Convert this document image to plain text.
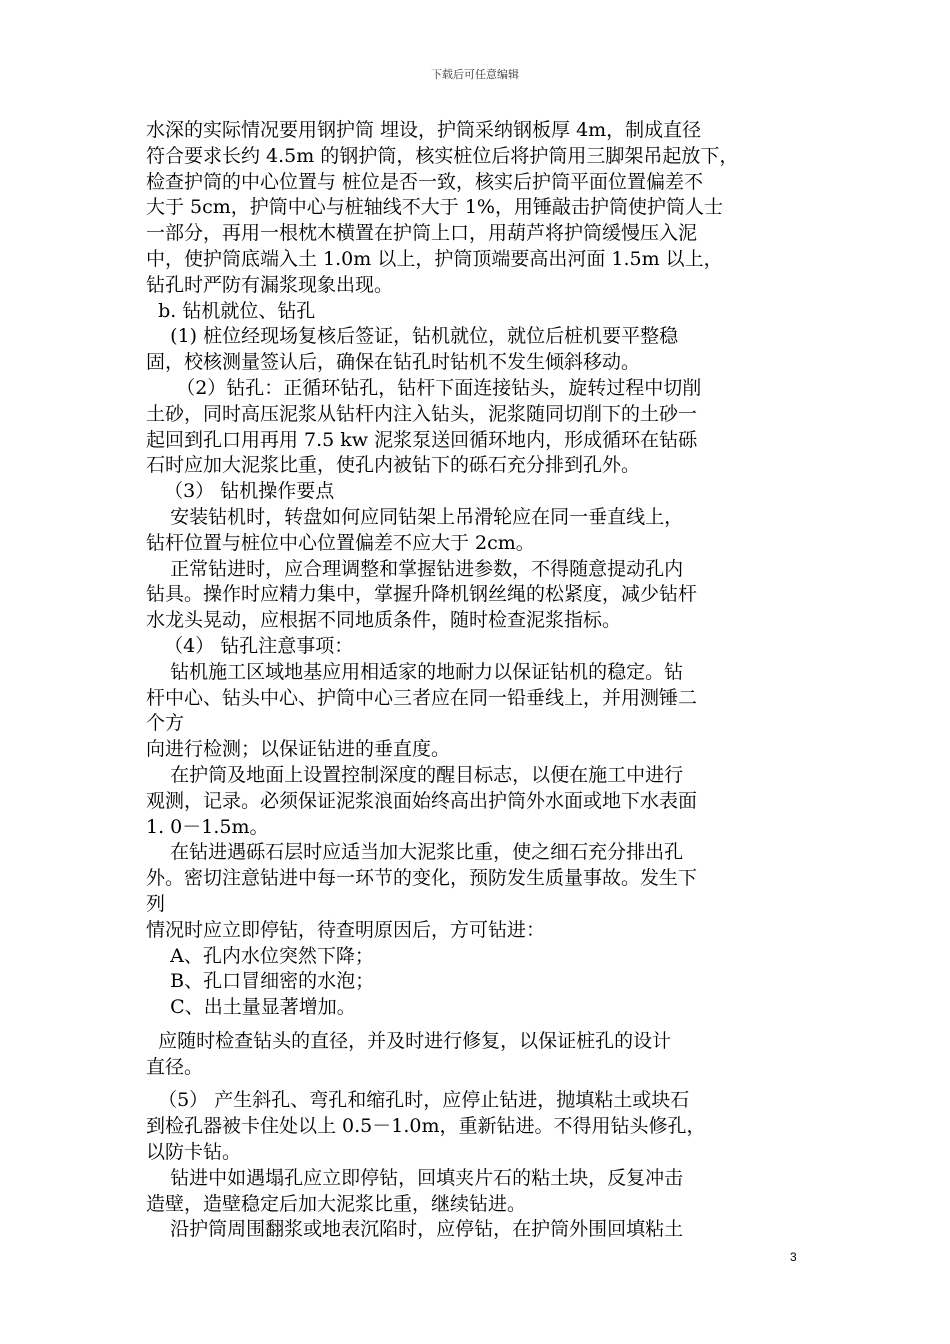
下载后可任意编辑
水深的实际情况要用钢护筒 埋设，护筒采纳钢板厚 4m，制成直径
符合要求长约 4.5m 的钢护筒，核实桩位后将护筒用三脚架吊起放下，
检查护筒的中心位置与 桩位是否一致，核实后护筒平面位置偏差不
大于 5cm，护筒中心与桩轴线不大于 1%，用锤敲击护筒使护筒人士
一部分，再用一根枕木横置在护筒上口，用葫芦将护筒缓慢压入泥
中，使护筒底端入土 1.0m 以上，护筒顶端要高出河面 1.5m 以上，
钻孔时严防有漏浆现象出现。
b. 钻机就位、钻孔
(1) 桩位经现场复核后签证，钻机就位，就位后桩机要平整稳
固，校核测量签认后，确保在钻孔时钻机不发生倾斜移动。
（2）钻孔：正循环钻孔，钻杆下面连接钻头，旋转过程中切削
土砂，同时高压泥浆从钻杆内注入钻头，泥浆随同切削下的土砂一
起回到孔口用再用 7.5 kw 泥浆泵送回循环地内，形成循环在钻砾
石时应加大泥浆比重，使孔内被钻下的砾石充分排到孔外。
（3） 钻机操作要点
安装钻机时，转盘如何应同钻架上吊滑轮应在同一垂直线上，
钻杆位置与桩位中心位置偏差不应大于 2cm。
正常钻进时，应合理调整和掌握钻进参数，不得随意提动孔内
钻具。操作时应精力集中，掌握升降机钢丝绳的松紧度，减少钻杆
水龙头晃动，应根据不同地质条件，随时检查泥浆指标。
（4） 钻孔注意事项：
钻机施工区域地基应用相适家的地耐力以保证钻机的稳定。钻
杆中心、钻头中心、护筒中心三者应在同一铅垂线上，并用测锤二
个方
向进行检测；以保证钻进的垂直度。
在护筒及地面上设置控制深度的醒目标志，以便在施工中进行
观测，记录。必须保证泥浆浪面始终高出护筒外水面或地下水表面
1. 0－1.5m。
在钻进遇砾石层时应适当加大泥浆比重，使之细石充分排出孔
外。密切注意钻进中每一环节的变化，预防发生质量事故。发生下
列
情况时应立即停钻，待查明原因后，方可钻进：
A、孔内水位突然下降；
B、孔口冒细密的水泡；
C、出土量显著增加。
应随时检查钻头的直径，并及时进行修复，以保证桩孔的设计
直径。
（5） 产生斜孔、弯孔和缩孔时，应停止钻进，抛填粘土或块石
到检孔器被卡住处以上 0.5－1.0m，重新钻进。不得用钻头修孔，
以防卡钻。
钻进中如遇塌孔应立即停钻，回填夹片石的粘土块，反复冲击
造壁，造壁稳定后加大泥浆比重，继续钻进。
沿护筒周围翻浆或地表沉陷时，应停钻，在护筒外围回填粘土
3
